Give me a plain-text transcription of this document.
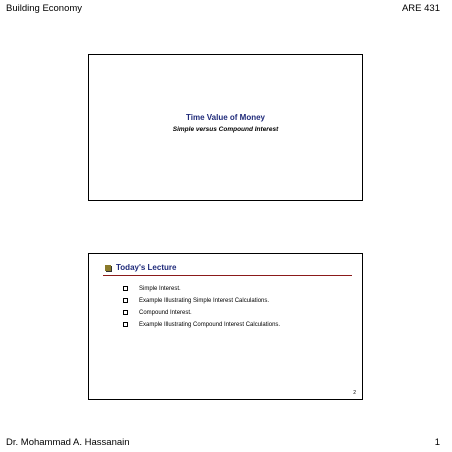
Building Economy	ARE 431
Time Value of Money
Simple versus Compound Interest
Today's Lecture
Simple Interest.
Example Illustrating Simple Interest Calculations.
Compound Interest.
Example Illustrating Compound Interest Calculations.
2
Dr. Mohammad A. Hassanain	1
